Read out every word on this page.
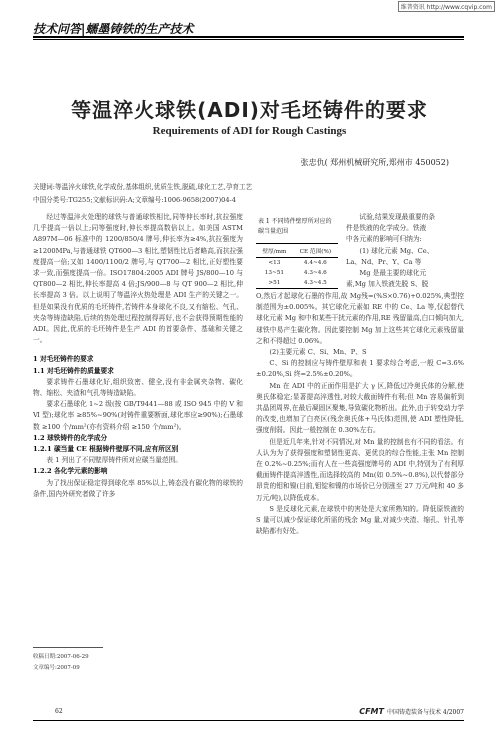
维普资讯 http://www.cqvip.com
技术问答|蠕墨铸铁的生产技术
等温淬火球铁(ADI)对毛坯铸件的要求
Requirements of ADI for Rough Castings
张忠仇( 郑州机械研究所,郑州市 450052)
关键词:等温淬火球铁,化学成份,基体组织,优质生铁,脱硫,球化工艺,孕育工艺
中国分类号:TG255;文献标识码:A;文章编号:1006-9658(2007)04-4

经过等温淬火处理的球铁与普通球铁相比,同等伸长率时,抗拉强度几乎提高一倍以上;同等强度时,伸长率提高数倍以上。如美国 ASTM A897M—06 标准中的 1200/850/4 牌号,伸长率为≥4%,抗拉强度为≥1200MPa,与普通球铁 QT600—3 相比,塑韧性比后者略高,而抗拉强度提高一倍;又如 1400/1100/2 牌号,与 QT700—2 相比,正好塑性要求一致,而强度提高一倍。ISO17804:2005 ADI 牌号 JS/800—10 与 QT800—2 相比,伸长率提高 4 倍;JS/900—8 与 QT 900—2 相比,伸长率提高 3 倍。以上说明了等温淬火热处理是 ADI 生产的关键之一。但是如果没有优质的毛坯铸件,若铸件本身球化不良,又有缩松、气孔、夹杂等铸造缺陷,后续的热处理过程控制得再好,也不会获得预期性能的 ADI。因此,优质的毛坯铸件是生产 ADI 的首要条件、基础和关键之一。

1 对毛坯铸件的要求

1.1 对毛坯铸件的质量要求

要求铸件石墨球化好,组织致密、健全,没有非金属夹杂物、碳化物、缩松、夹渣和气孔等铸造缺陷。

要求石墨球化 1~2 级(按 GB/T9441—88 或 ISO 945 中的 V 和 Ⅵ 型);球化率 ≥85%~90%(对铸件重要断面,球化率应≥90%);石墨球数 ≥100 个/mm²(亦有资料介绍 ≥150 个/mm²)。

1.2 球铁铸件的化学成分

1.2.1 碳当量 CE 根据铸件壁厚不同,应有所区别

表 1 列出了不同壁厚铸件所对应碳当量范围。

1.2.2 各化学元素的影响

为了找出保证稳定得到球化率 85%以上,铸态没有碳化物的球铁的条件,国内外研究者做了许多

表 1 不同铸件壁厚所对应的碳当量范围
壁厚/mm	CE 范围(%)
<13	4.4~4.6
13~51	4.3~4.6
>51	4.3~4.5
试验,结果发现最重要的条
件是铁液的化学成分。铁液
中各元素的影响可归纳为:
(1) 球化元素 Mg、Ce、
La、Nd、Pr、Y、Ca 等
Mg 是最主要的球化元
素,Mg 加入铁液先脱 S、脱

O,然后才起球化石墨的作用,故 Mg残=(%S×0.76)+0.025%,典型控制范围为±0.005%。其它球化元素如 RE 中的 Ce、La 等,仅起替代球化元素 Mg 和中和某些干扰元素的作用,RE 残留量高,白口倾向加大,球铁中易产生碳化物。因此要控制 Mg 加上这些其它球化元素残留量之和不得超过 0.06%。

(2)主要元素 C、Si、Mn、P、S

C、Si 的控制应与铸件壁厚和表 1 要求综合考虑,一般 C=3.6%±0.20%,Si 终=2.5%±0.20%。

Mn 在 ADI 中的正面作用是扩大 γ 区,降低过冷奥氏体的分解,使奥氏体稳定;显著提高淬透性,对较大截面铸件有利;但 Mn 容易偏析到共晶团周界,在最后凝固区聚集,导致碳化物析出。此外,由于转变动力学的改变,也增加了白亮区(残余奥氏体+马氏体)范围,使 ADI 塑性降低,强度削弱。因此一般控制在 0.30%左右。

但是近几年来,针对不同情况,对 Mn 量的控制也有不同的看法。有人认为为了获得强度和塑韧性更高、更优良的综合性能,主张 Mn 控制在 0.2%~0.25%;而有人在一些高强度牌号的 ADI 中,特别为了有利厚截面铸件提高淬透性,而选择较高的 Mn(如 0.5%~0.8%),以代替部分昂贵的钼和镍(目前,钼锭和镍的市场价已分别涨至 27 万元/吨和 40 多万元/吨),以降低成本。

S 是反球化元素,在球铁中的害处是大家所熟知的。降低原铁液的 S 量可以减少保证球化所需的残余 Mg 量,对减少夹渣、缩孔、针孔等缺陷都有好处。

收稿日期:2007-06-29
文章编号:2007-09
62	CFMT 中国铸造装备与技术 4/2007
